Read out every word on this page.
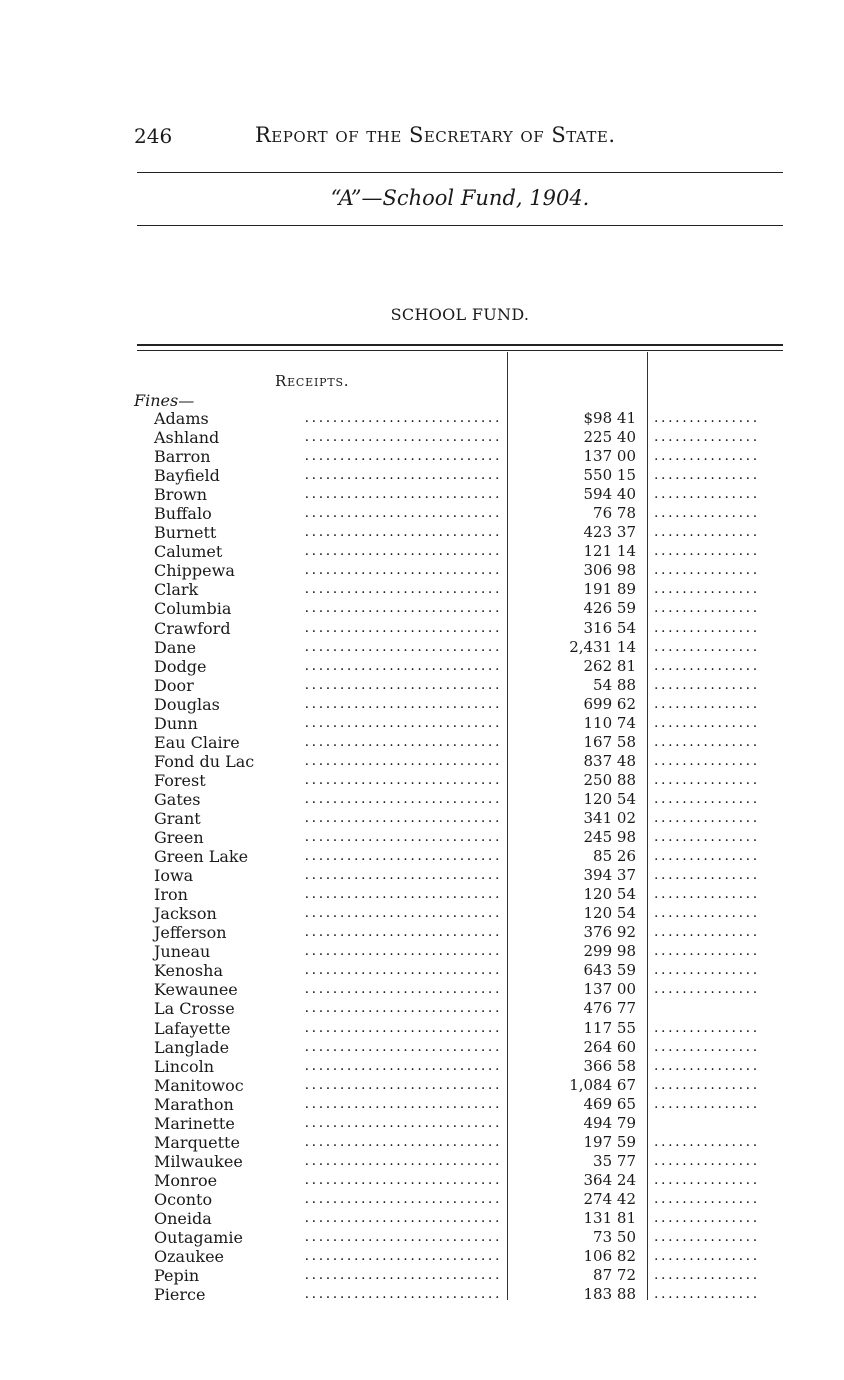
246	Report of the Secretary of State.
“A”—School Fund, 1904.
SCHOOL FUND.
Receipts.
Fines—
Adams	............................	$98 41 ...............
Ashland	............................	225 40 ...............
Barron	............................	137 00 ...............
Bayfield	............................	550 15 ...............
Brown	............................	594 40 ...............
Buffalo	............................	76 78 ...............
Burnett	............................	423 37 ...............
Calumet	............................	121 14 ...............
Chippewa	............................	306 98 ...............
Clark	............................	191 89 ...............
Columbia	............................	426 59 ...............
Crawford	............................	316 54 ...............
Dane	............................	2,431 14 ...............
Dodge	............................	262 81 ...............
Door	............................	54 88 ...............
Douglas	............................	699 62 ...............
Dunn	............................	110 74 ...............
Eau Claire	............................	167 58 ...............
Fond du Lac	............................	837 48 ...............
Forest	............................	250 88 ...............
Gates	............................	120 54 ...............
Grant	............................	341 02 ...............
Green	............................	245 98 ...............
Green Lake	............................	85 26 ...............
Iowa	............................	394 37 ...............
Iron	............................	120 54 ...............
Jackson	............................	120 54 ...............
Jefferson	............................	376 92 ...............
Juneau	............................	299 98 ...............
Kenosha	............................	643 59 ...............
Kewaunee	............................	137 00 ...............
La Crosse	............................	476 77
Lafayette	............................	117 55 ...............
Langlade	............................	264 60 ...............
Lincoln	............................	366 58 ...............
Manitowoc	............................	1,084 67 ...............
Marathon	............................	469 65 ...............
Marinette	............................	494 79
Marquette	............................	197 59 ...............
Milwaukee	............................	35 77 ...............
Monroe	............................	364 24 ...............
Oconto	............................	274 42 ...............
Oneida	............................	131 81 ...............
Outagamie	............................	73 50 ...............
Ozaukee	............................	106 82 ...............
Pepin	............................	87 72 ...............
Pierce	............................	183 88 ...............
